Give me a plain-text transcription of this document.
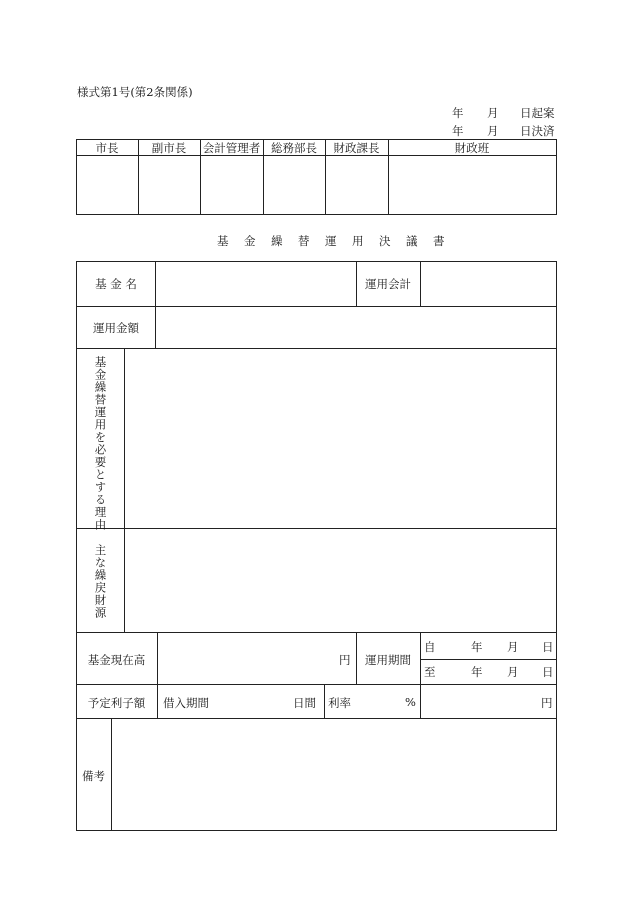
様式第1号(第2条関係)
年 月 日起案
年 月 日決済
市長	副市長	会計管理者 総務部長	財政課長	財政班
基金繰替運用決議書
基 金 名	運用会計
運用金額
基金繰替運用を必要とする理由
主な繰戻財源
基金現在高	円	運用期間
自	年 月 日
至	年 月 日
予定利子額	借入期間	日間 利率	%	円
備考
